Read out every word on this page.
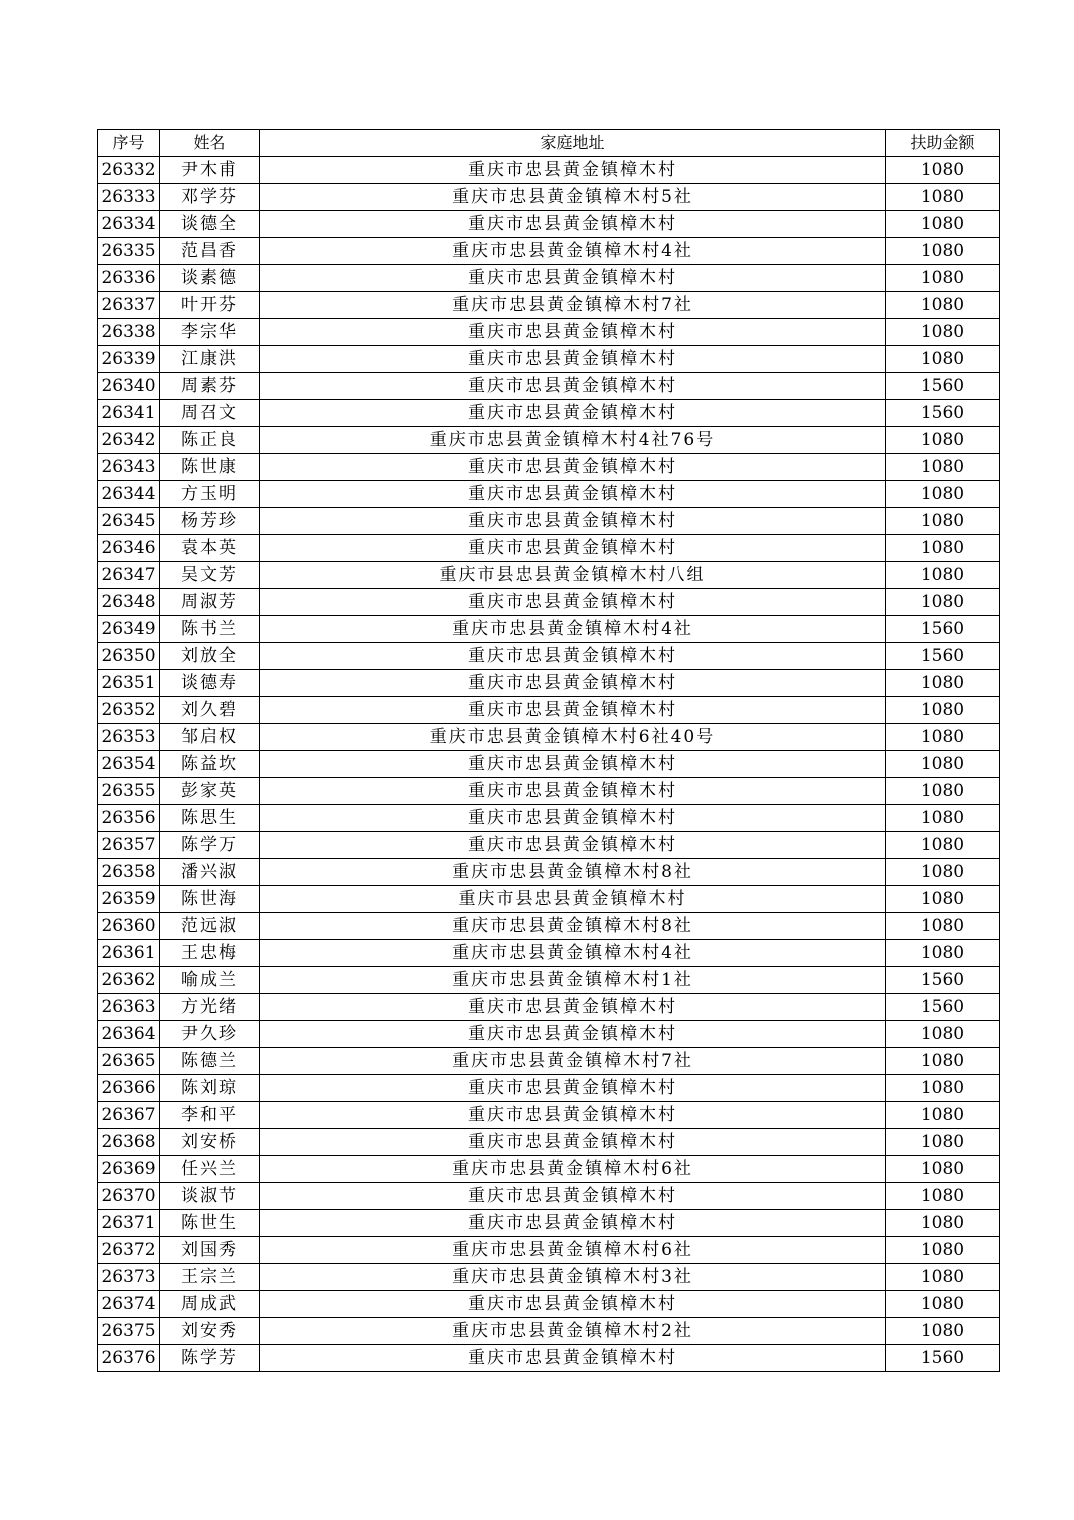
序号	姓名	家庭地址	扶助金额
26332	尹木甫	重庆市忠县黄金镇樟木村	1080
26333	邓学芬	重庆市忠县黄金镇樟木村5社	1080
26334	谈德全	重庆市忠县黄金镇樟木村	1080
26335	范昌香	重庆市忠县黄金镇樟木村4社	1080
26336	谈素德	重庆市忠县黄金镇樟木村	1080
26337	叶开芬	重庆市忠县黄金镇樟木村7社	1080
26338	李宗华	重庆市忠县黄金镇樟木村	1080
26339	江康洪	重庆市忠县黄金镇樟木村	1080
26340	周素芬	重庆市忠县黄金镇樟木村	1560
26341	周召文	重庆市忠县黄金镇樟木村	1560
26342	陈正良	重庆市忠县黄金镇樟木村4社76号	1080
26343	陈世康	重庆市忠县黄金镇樟木村	1080
26344	方玉明	重庆市忠县黄金镇樟木村	1080
26345	杨芳珍	重庆市忠县黄金镇樟木村	1080
26346	袁本英	重庆市忠县黄金镇樟木村	1080
26347	吴文芳	重庆市县忠县黄金镇樟木村八组	1080
26348	周淑芳	重庆市忠县黄金镇樟木村	1080
26349	陈书兰	重庆市忠县黄金镇樟木村4社	1560
26350	刘放全	重庆市忠县黄金镇樟木村	1560
26351	谈德寿	重庆市忠县黄金镇樟木村	1080
26352	刘久碧	重庆市忠县黄金镇樟木村	1080
26353	邹启权	重庆市忠县黄金镇樟木村6社40号	1080
26354	陈益坎	重庆市忠县黄金镇樟木村	1080
26355	彭家英	重庆市忠县黄金镇樟木村	1080
26356	陈思生	重庆市忠县黄金镇樟木村	1080
26357	陈学万	重庆市忠县黄金镇樟木村	1080
26358	潘兴淑	重庆市忠县黄金镇樟木村8社	1080
26359	陈世海	重庆市县忠县黄金镇樟木村	1080
26360	范远淑	重庆市忠县黄金镇樟木村8社	1080
26361	王忠梅	重庆市忠县黄金镇樟木村4社	1080
26362	喻成兰	重庆市忠县黄金镇樟木村1社	1560
26363	方光绪	重庆市忠县黄金镇樟木村	1560
26364	尹久珍	重庆市忠县黄金镇樟木村	1080
26365	陈德兰	重庆市忠县黄金镇樟木村7社	1080
26366	陈刘琼	重庆市忠县黄金镇樟木村	1080
26367	李和平	重庆市忠县黄金镇樟木村	1080
26368	刘安桥	重庆市忠县黄金镇樟木村	1080
26369	任兴兰	重庆市忠县黄金镇樟木村6社	1080
26370	谈淑节	重庆市忠县黄金镇樟木村	1080
26371	陈世生	重庆市忠县黄金镇樟木村	1080
26372	刘国秀	重庆市忠县黄金镇樟木村6社	1080
26373	王宗兰	重庆市忠县黄金镇樟木村3社	1080
26374	周成武	重庆市忠县黄金镇樟木村	1080
26375	刘安秀	重庆市忠县黄金镇樟木村2社	1080
26376	陈学芳	重庆市忠县黄金镇樟木村	1560
